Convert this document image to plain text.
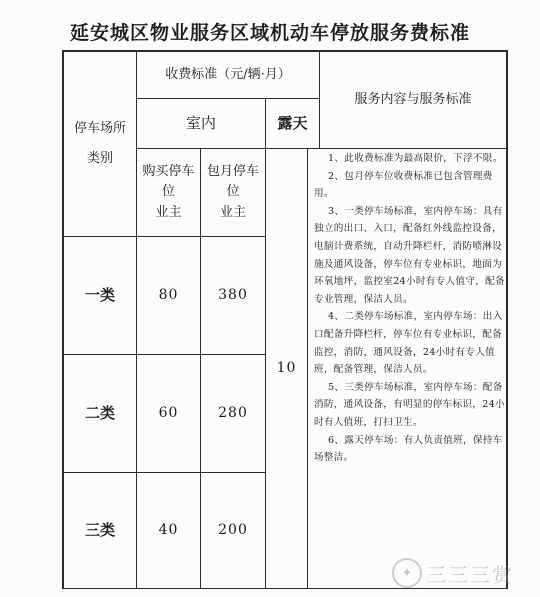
延安城区物业服务区域机动车停放服务费标准
收费标准（元/辆·月）
服务内容与服务标准
停车场所
类别
室内	露天
购买停车位
业主
包月停车位
业主
一类	80	380
二类	60	280
三类	40	200
10

1、此收费标准为最高限价，下浮不限。

2、包月停车位收费标准已包含管理费用。

3、一类停车场标准，室内停车场：具有独立的出口、入口，配备红外线监控设备，电脑计费系统，自动升降栏杆，消防喷淋设施及通风设备，停车位有专业标识，地面为环氧地坪，监控室24小时有专人值守，配备专业管理，保洁人员。

4、二类停车场标准，室内停车场：出入口配备升降栏杆，停车位有专业标识，配备监控，消防，通风设备，24小时有专人值班，配备管理，保洁人员。

5、三类停车场标准，室内停车场：配备消防，通风设备，有明显的停车标识，24小时有人值班，打扫卫生。

6、露天停车场：有人负责值班，保持车场整洁。

✦ 三三三赏
